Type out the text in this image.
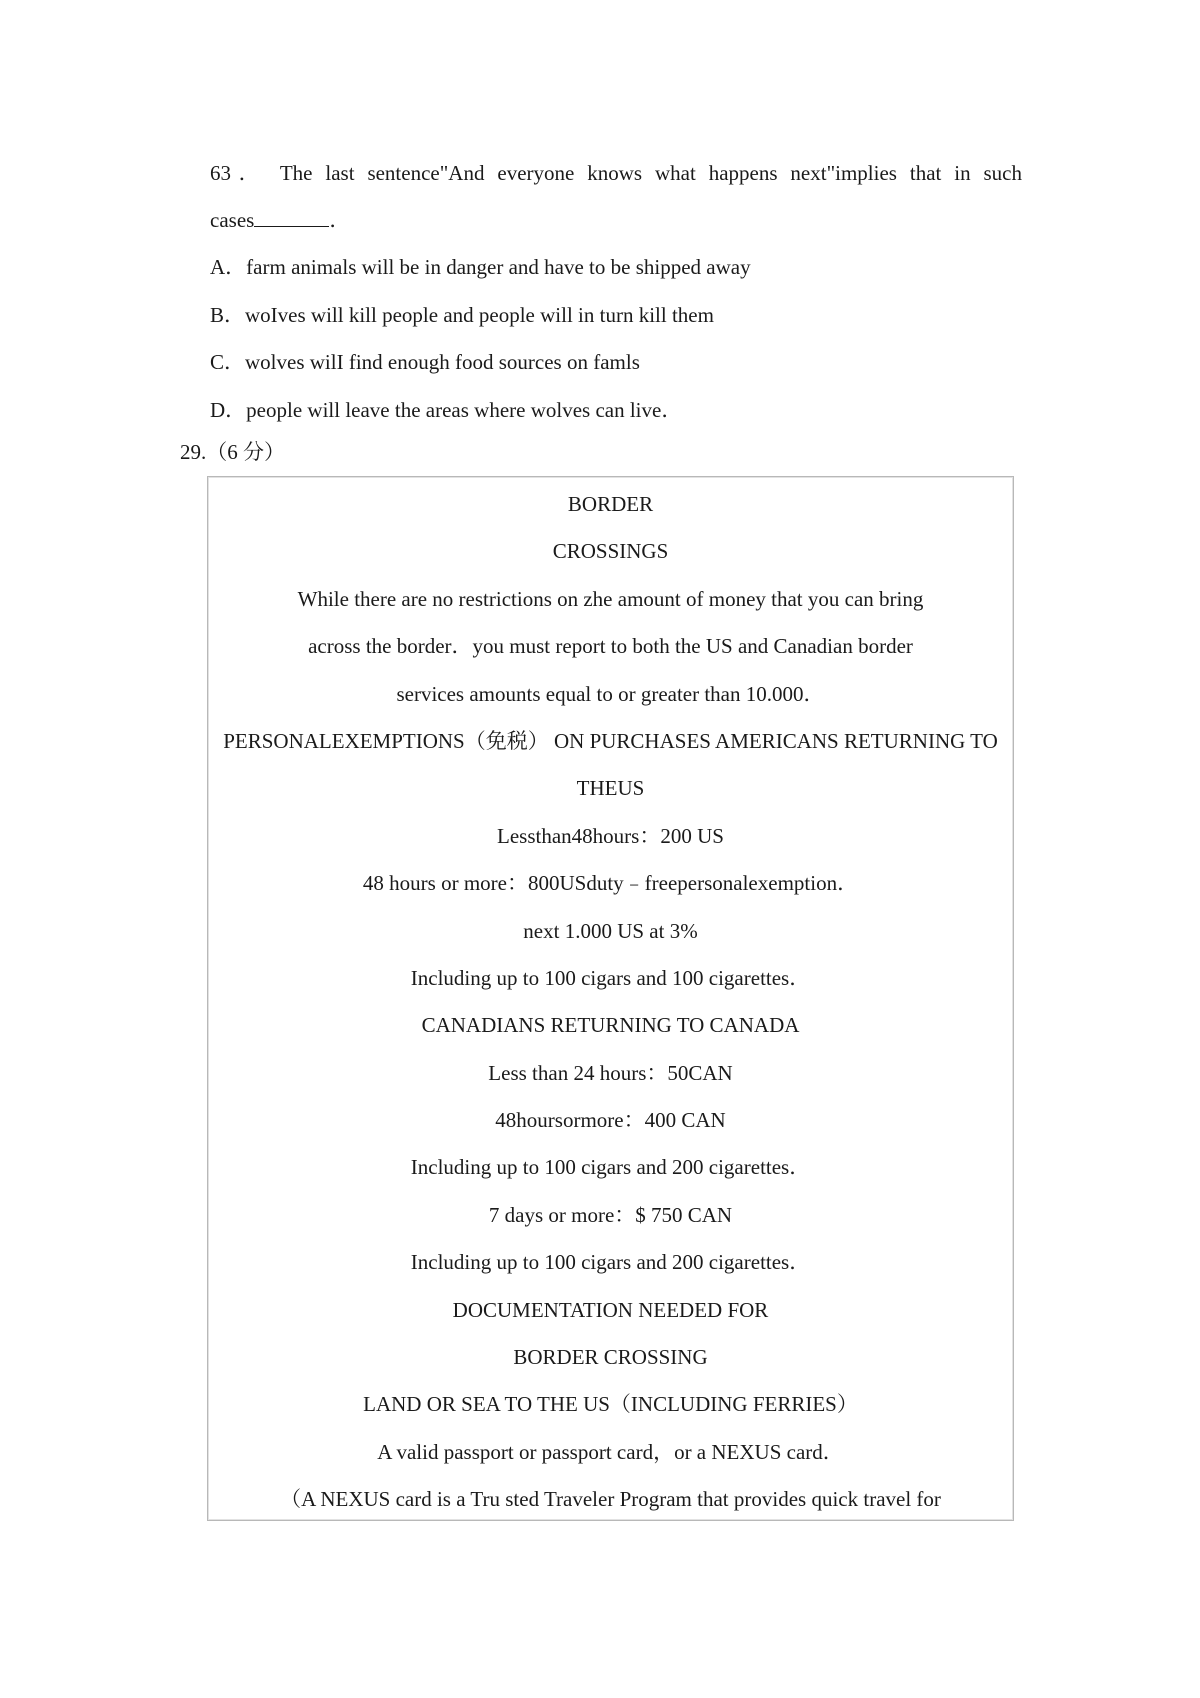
63． The last sentence"And everyone knows what happens next"implies that in such
cases	．

A．farm animals will be in danger and have to be shipped away

B．woIves will kill people and people will in turn kill them

C．wolves wilI find enough food sources on famls

D．people will leave the areas where wolves can live．

29.（6 分）

BORDER

CROSSINGS

While there are no restrictions on zhe amount of money that you can bring

across the border．you must report to both the US and Canadian border

services amounts equal to or greater than 10.000．

PERSONALEXEMPTIONS（免税） ON PURCHASES AMERICANS RETURNING TO

THEUS

Lessthan48hours：200 US

48 hours or more：800USduty﹣freepersonalexemption．

next 1.000 US at 3%

Including up to 100 cigars and 100 cigarettes．

CANADIANS RETURNING TO CANADA

Less than 24 hours：50CAN

48hoursormore：400 CAN

Including up to 100 cigars and 200 cigarettes．

7 days or more：$ 750 CAN

Including up to 100 cigars and 200 cigarettes．

DOCUMENTATION NEEDED FOR

BORDER CROSSING

LAND OR SEA TO THE US（INCLUDING FERRIES）

A valid passport or passport card，or a NEXUS card．

（A NEXUS card is a Tru sted Traveler Program that provides quick travel for
